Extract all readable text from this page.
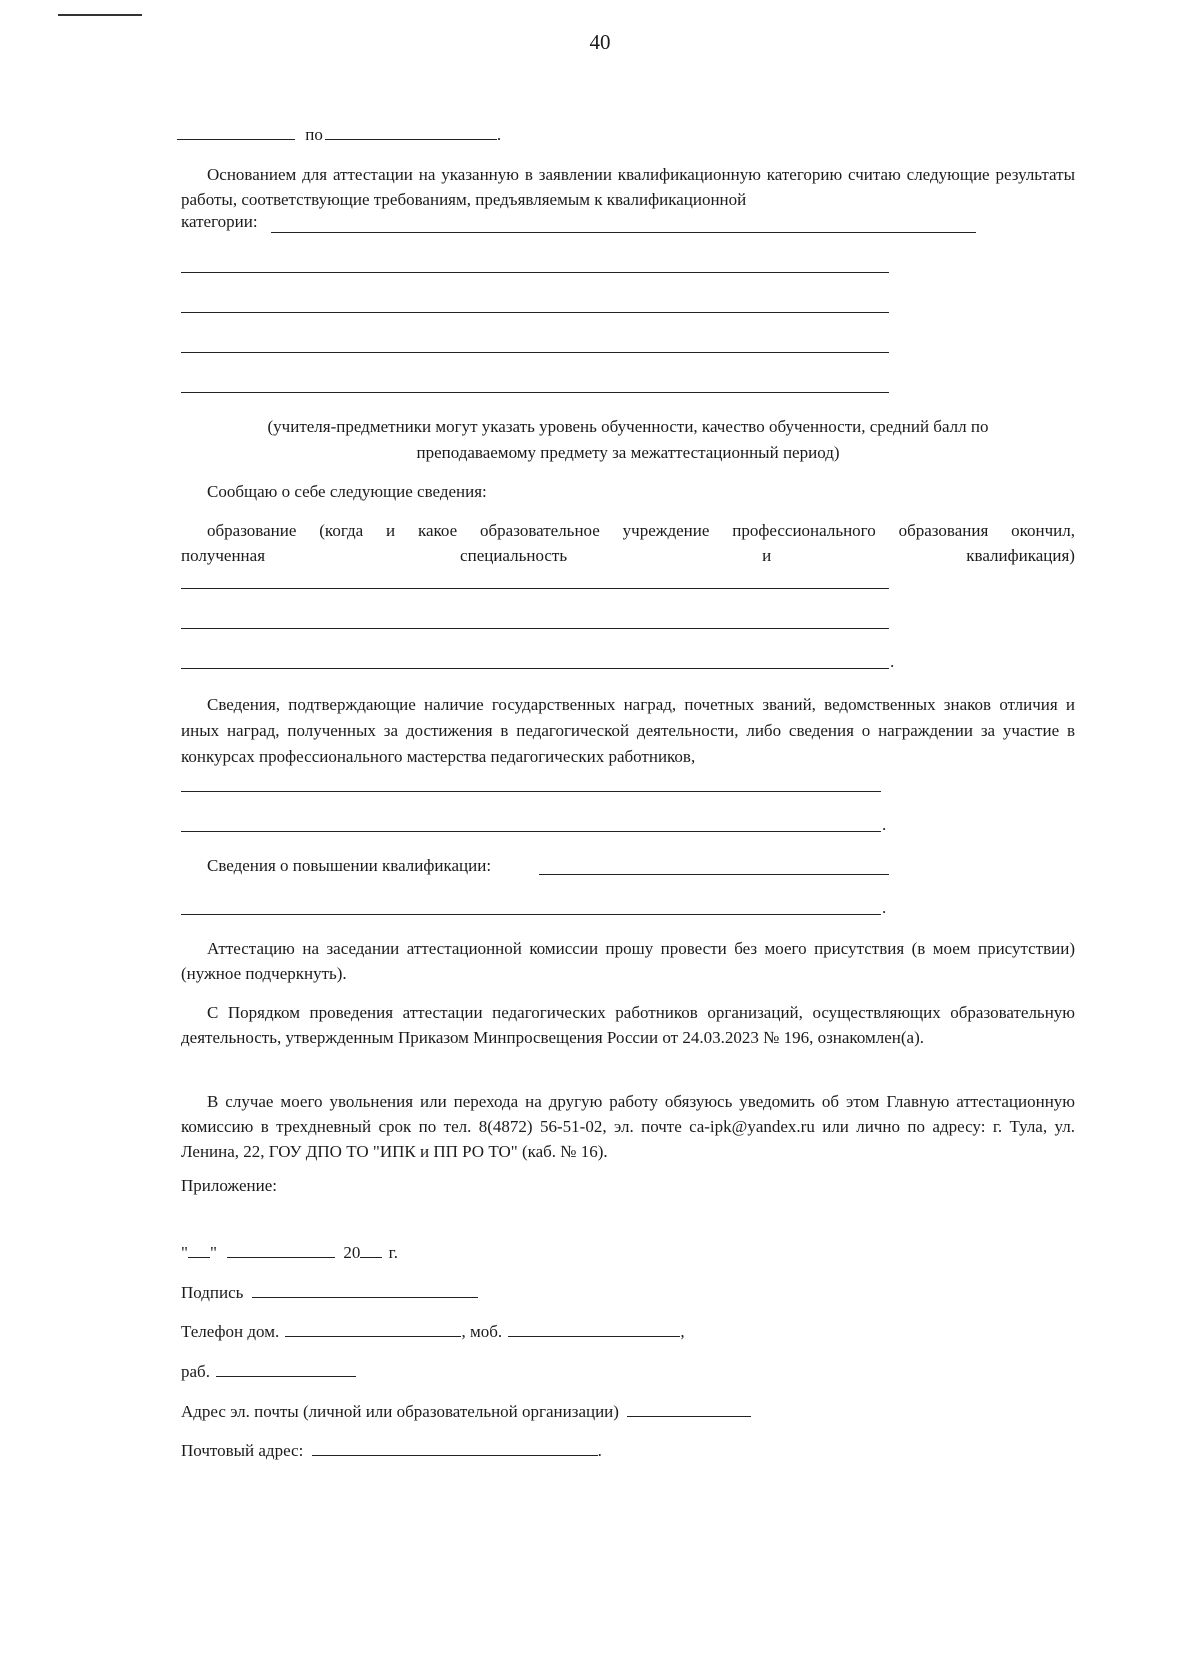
40
по	.
Основанием для аттестации на указанную в заявлении квалификационную категорию считаю следующие результаты работы, соответствующие требованиям, предъявляемым к квалификационной
категории:
(учителя-предметники могут указать уровень обученности, качество обученности, средний балл по
преподаваемому предмету за межаттестационный период)
Сообщаю о себе следующие сведения:
образование (когда и какое образовательное учреждение профессионального образования окончил,
полученная	специальность	и	квалификация)
.
Сведения, подтверждающие наличие государственных наград, почетных званий, ведомственных знаков отличия и иных наград, полученных за достижения в педагогической деятельности, либо сведения о награждении за участие в конкурсах профессионального мастерства педагогических работников,
.
Сведения о повышении квалификации:
.
Аттестацию на заседании аттестационной комиссии прошу провести без моего присутствия (в моем присутствии) (нужное подчеркнуть).
С Порядком проведения аттестации педагогических работников организаций, осуществляющих образовательную деятельность, утвержденным Приказом Минпросвещения России от 24.03.2023 № 196, ознакомлен(а).
В случае моего увольнения или перехода на другую работу обязуюсь уведомить об этом Главную аттестационную комиссию в трехдневный срок по тел. 8(4872) 56-51-02, эл. почте ca-ipk@yandex.ru или лично по адресу: г. Тула, ул. Ленина, 22, ГОУ ДПО ТО "ИПК и ПП РО ТО" (каб. № 16).
Приложение:
" "	20 г.
Подпись
Телефон дом.	, моб.	,
раб.
Адрес эл. почты (личной или образовательной организации)
Почтовый адрес:	.
